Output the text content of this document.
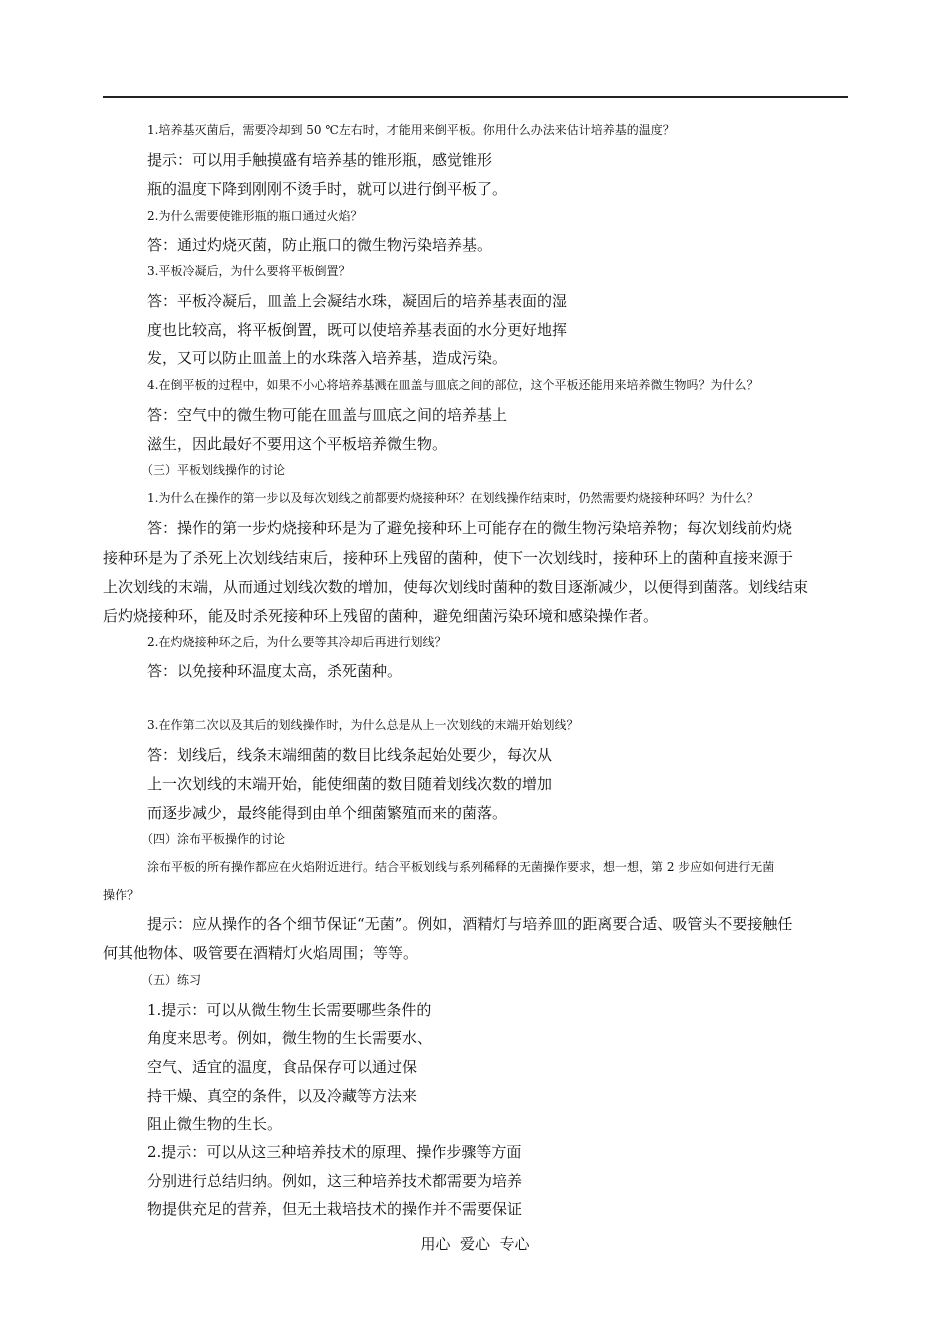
1.培养基灭菌后，需要冷却到 50 ℃左右时，才能用来倒平板。你用什么办法来估计培养基的温度？
提示：可以用手触摸盛有培养基的锥形瓶，感觉锥形
瓶的温度下降到刚刚不烫手时，就可以进行倒平板了。
2.为什么需要使锥形瓶的瓶口通过火焰？
答：通过灼烧灭菌，防止瓶口的微生物污染培养基。
3.平板冷凝后，为什么要将平板倒置？
答：平板冷凝后，皿盖上会凝结水珠，凝固后的培养基表面的湿
度也比较高，将平板倒置，既可以使培养基表面的水分更好地挥
发，又可以防止皿盖上的水珠落入培养基，造成污染。
4.在倒平板的过程中，如果不小心将培养基溅在皿盖与皿底之间的部位，这个平板还能用来培养微生物吗？为什么？
答：空气中的微生物可能在皿盖与皿底之间的培养基上
滋生，因此最好不要用这个平板培养微生物。
（三）平板划线操作的讨论
1.为什么在操作的第一步以及每次划线之前都要灼烧接种环？在划线操作结束时，仍然需要灼烧接种环吗？为什么？
答：操作的第一步灼烧接种环是为了避免接种环上可能存在的微生物污染培养物；每次划线前灼烧
接种环是为了杀死上次划线结束后，接种环上残留的菌种，使下一次划线时，接种环上的菌种直接来源于
上次划线的末端，从而通过划线次数的增加，使每次划线时菌种的数目逐渐减少，以便得到菌落。划线结束
后灼烧接种环，能及时杀死接种环上残留的菌种，避免细菌污染环境和感染操作者。
2.在灼烧接种环之后，为什么要等其冷却后再进行划线？
答：以免接种环温度太高，杀死菌种。
3.在作第二次以及其后的划线操作时，为什么总是从上一次划线的末端开始划线？
答：划线后，线条末端细菌的数目比线条起始处要少，每次从
上一次划线的末端开始，能使细菌的数目随着划线次数的增加
而逐步减少，最终能得到由单个细菌繁殖而来的菌落。
（四）涂布平板操作的讨论
涂布平板的所有操作都应在火焰附近进行。结合平板划线与系列稀释的无菌操作要求，想一想，第 2 步应如何进行无菌
操作？
提示：应从操作的各个细节保证“无菌”。例如，酒精灯与培养皿的距离要合适、吸管头不要接触任
何其他物体、吸管要在酒精灯火焰周围；等等。
（五）练习
1.提示：可以从微生物生长需要哪些条件的
角度来思考。例如，微生物的生长需要水、
空气、适宜的温度，食品保存可以通过保
持干燥、真空的条件，以及冷藏等方法来
阻止微生物的生长。
2.提示：可以从这三种培养技术的原理、操作步骤等方面
分别进行总结归纳。例如，这三种培养技术都需要为培养
物提供充足的营养，但无土栽培技术的操作并不需要保证
用心  爱心  专心
